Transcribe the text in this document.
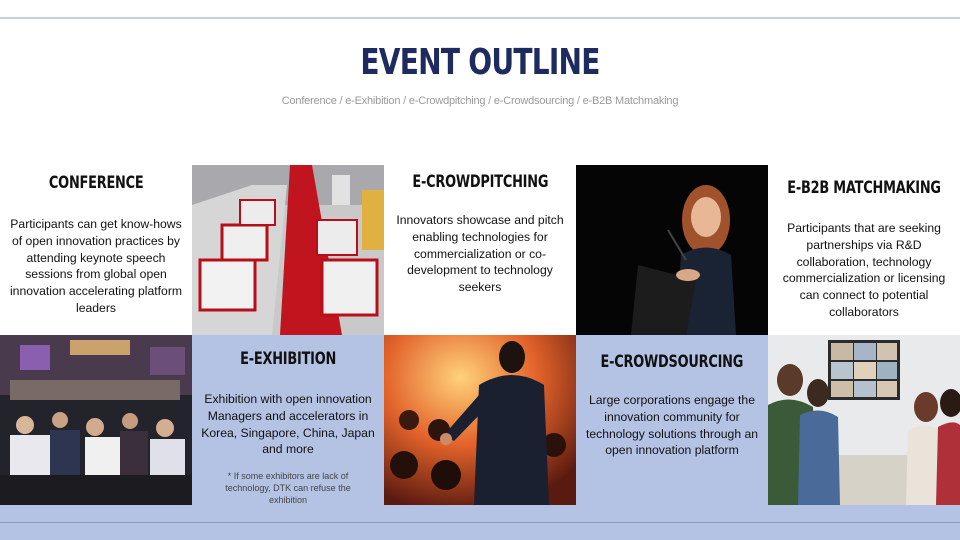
EVENT OUTLINE
Conference / e-Exhibition / e-Crowdpitching / e-Crowdsourcing / e-B2B Matchmaking
CONFERENCE
Participants can get know-hows of open innovation practices by attending keynote speech sessions from global open innovation accelerating platform leaders
E-CROWDPITCHING
Innovators showcase and pitch enabling technologies for commercialization or co-development to technology seekers
E-B2B MATCHMAKING
Participants that are seeking partnerships via R&D collaboration, technology commercialization or licensing can connect to potential collaborators
E-EXHIBITION
Exhibition with open innovation Managers and accelerators in Korea, Singapore, China, Japan and more
* If some exhibitors are lack of technology, DTK can refuse the exhibition
E-CROWDSOURCING
Large corporations engage the innovation community for technology solutions through an open innovation platform
